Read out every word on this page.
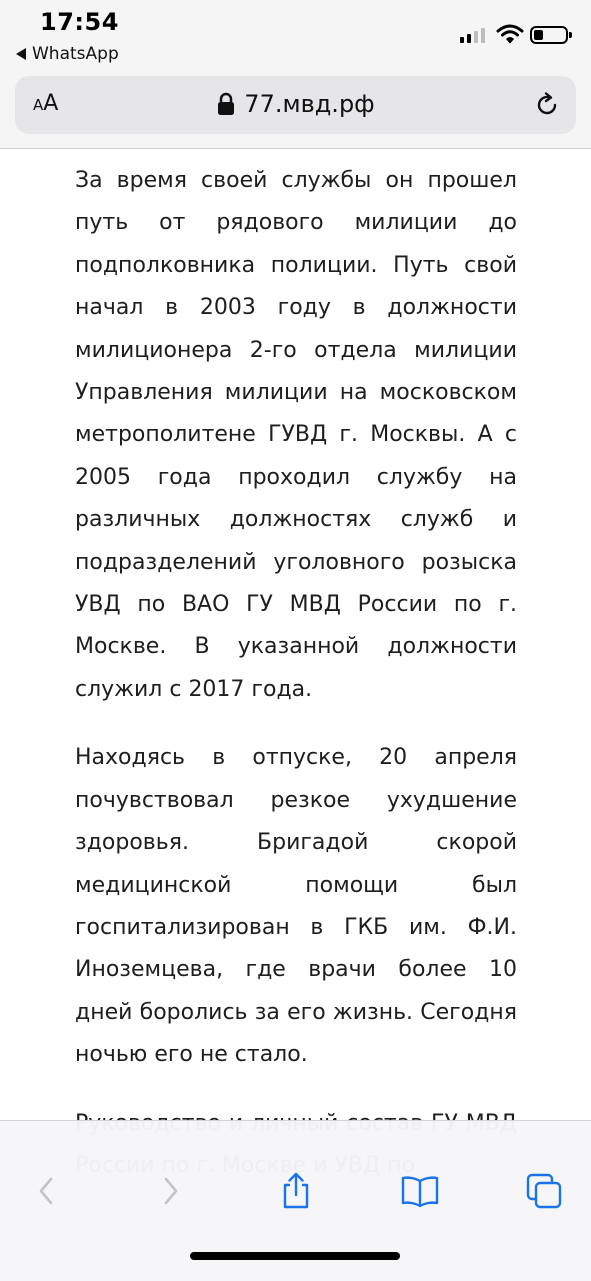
17:54
WhatsApp
AA	77.мвд.рф

За время своей службы он прошел путь от рядового милиции до подполковника полиции. Путь свой начал в 2003 году в должности милиционера 2-го отдела милиции Управления милиции на московском метрополитене ГУВД г. Москвы. А с 2005 года проходил службу на различных должностях служб и подразделений уголовного розыска УВД по ВАО ГУ МВД России по г. Москве. В указанной должности служил с 2017 года.

Находясь в отпуске, 20 апреля почувствовал резкое ухудшение здоровья. Бригадой скорой медицинской помощи был госпитализирован в ГКБ им. Ф.И. Иноземцева, где врачи более 10 дней боролись за его жизнь. Сегодня ночью его не стало.
